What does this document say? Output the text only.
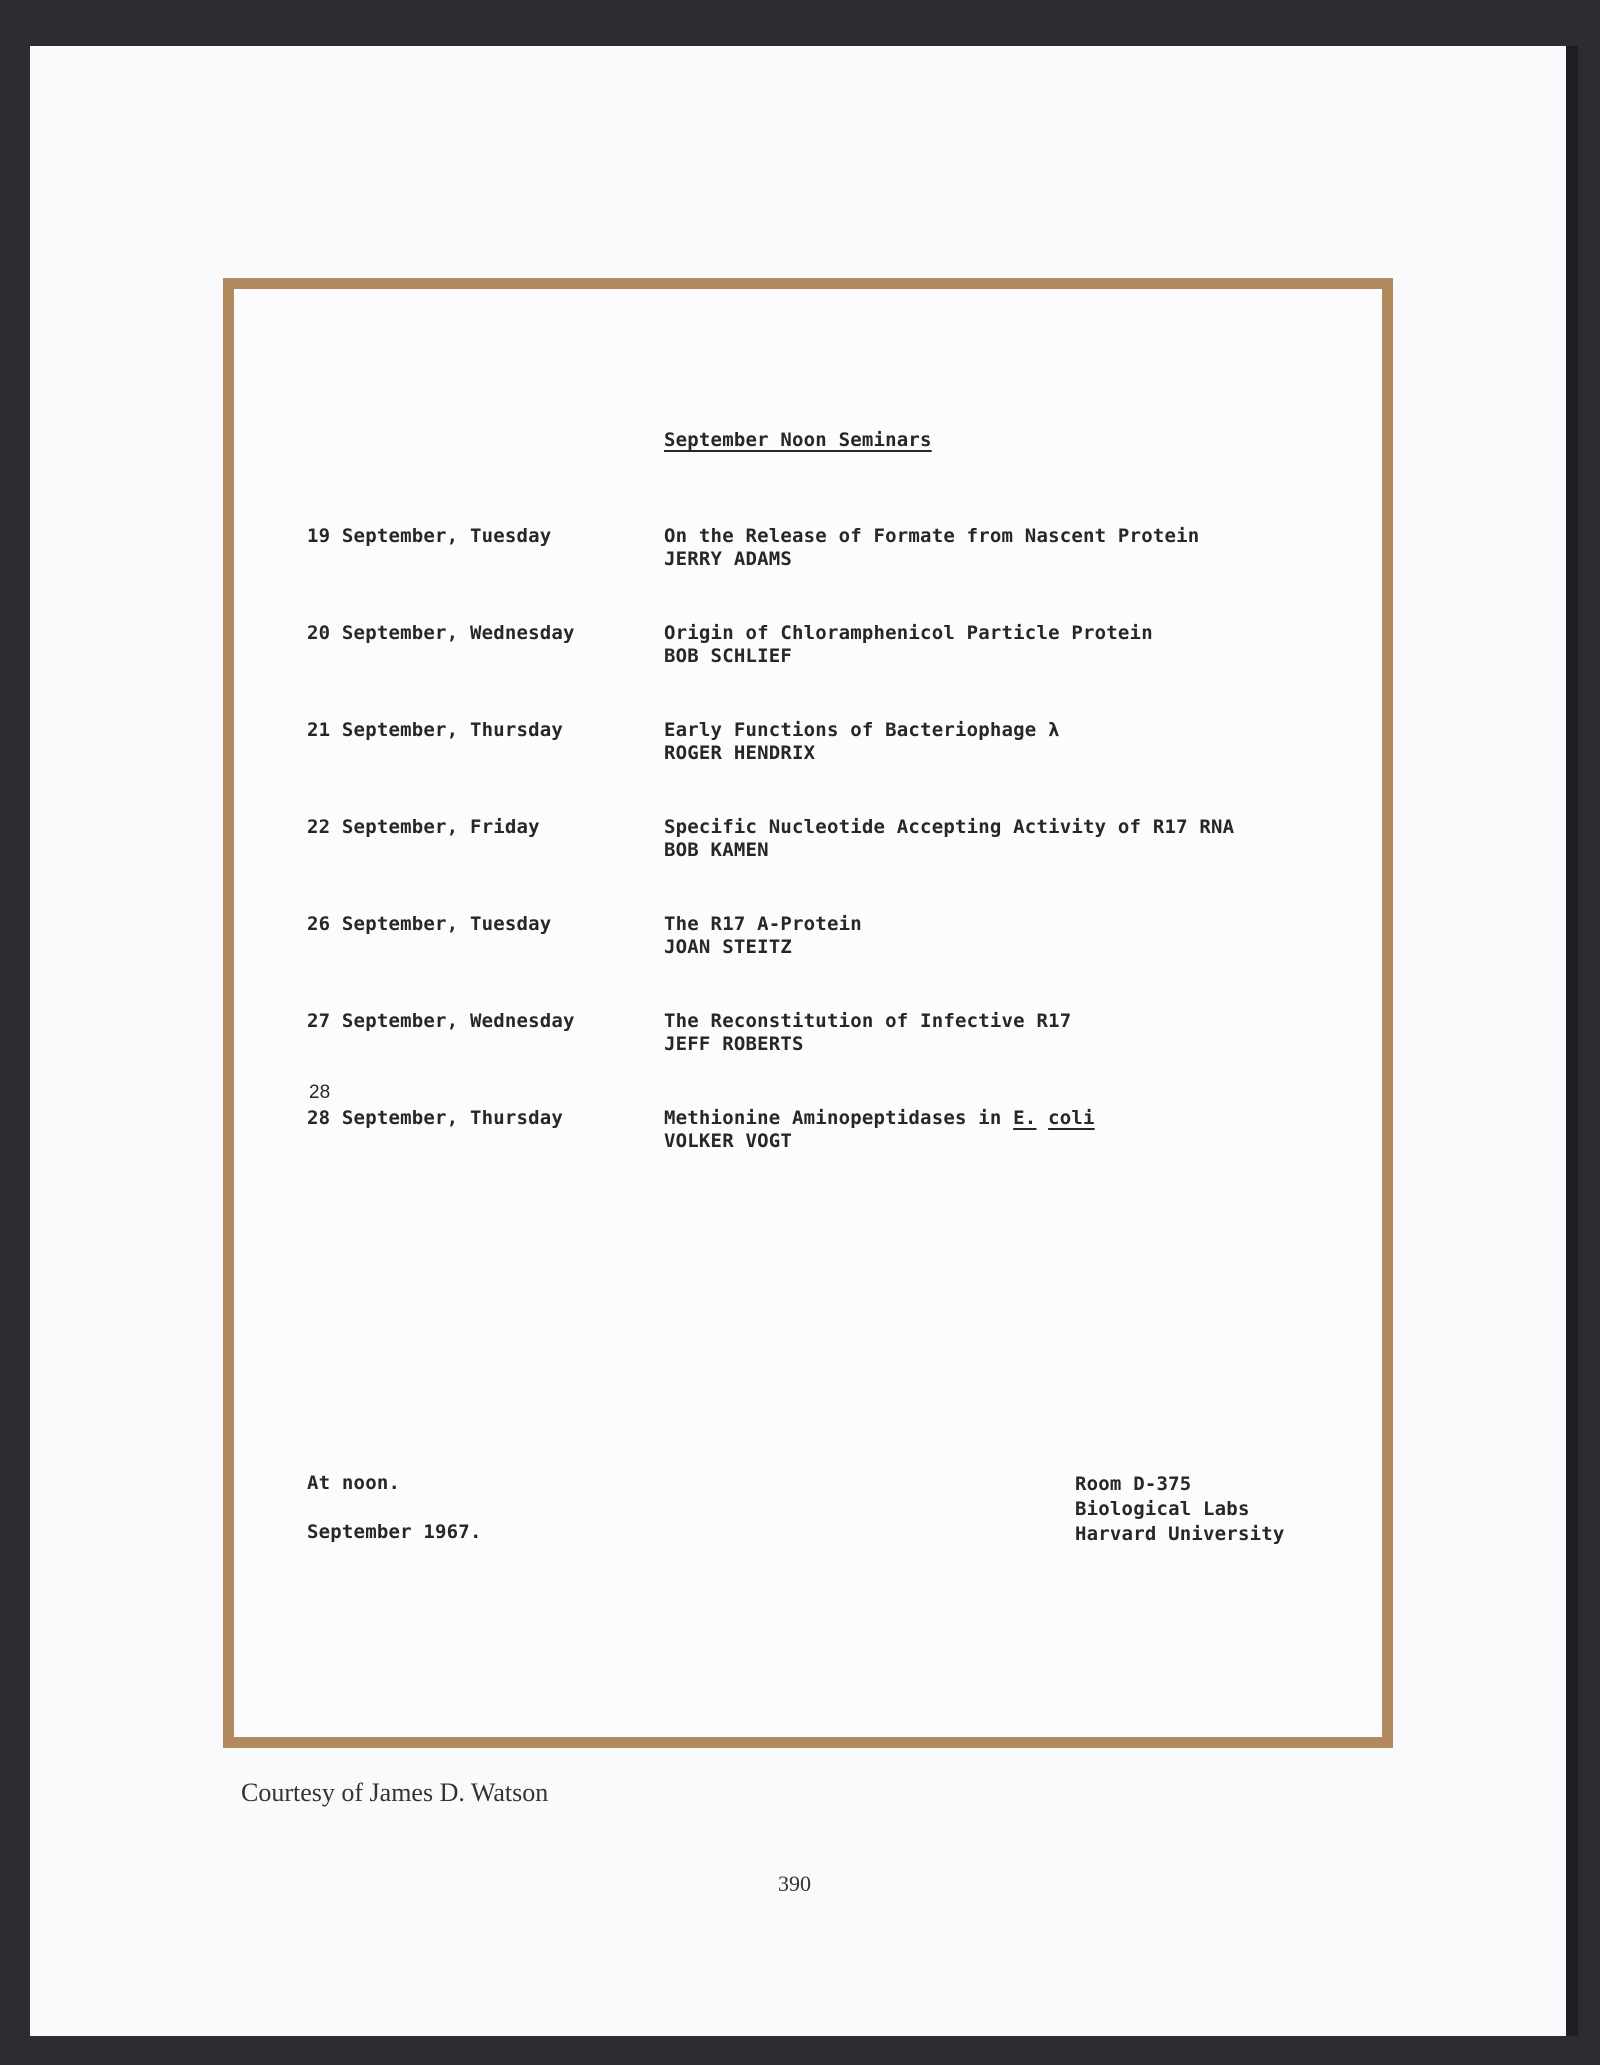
September Noon Seminars
19 September, Tuesday	On the Release of Formate from Nascent Protein
JERRY ADAMS
20 September, Wednesday	Origin of Chloramphenicol Particle Protein
BOB SCHLIEF
21 September, Thursday	Early Functions of Bacteriophage λ
ROGER HENDRIX
22 September, Friday	Specific Nucleotide Accepting Activity of R17 RNA
BOB KAMEN
26 September, Tuesday	The R17 A-Protein
JOAN STEITZ
27 September, Wednesday	The Reconstitution of Infective R17
JEFF ROBERTS
28
28 September, Thursday	Methionine Aminopeptidases in E. coli
VOLKER VOGT
At noon.
September 1967.
Room D-375
Biological Labs
Harvard University
Courtesy of James D. Watson
390
